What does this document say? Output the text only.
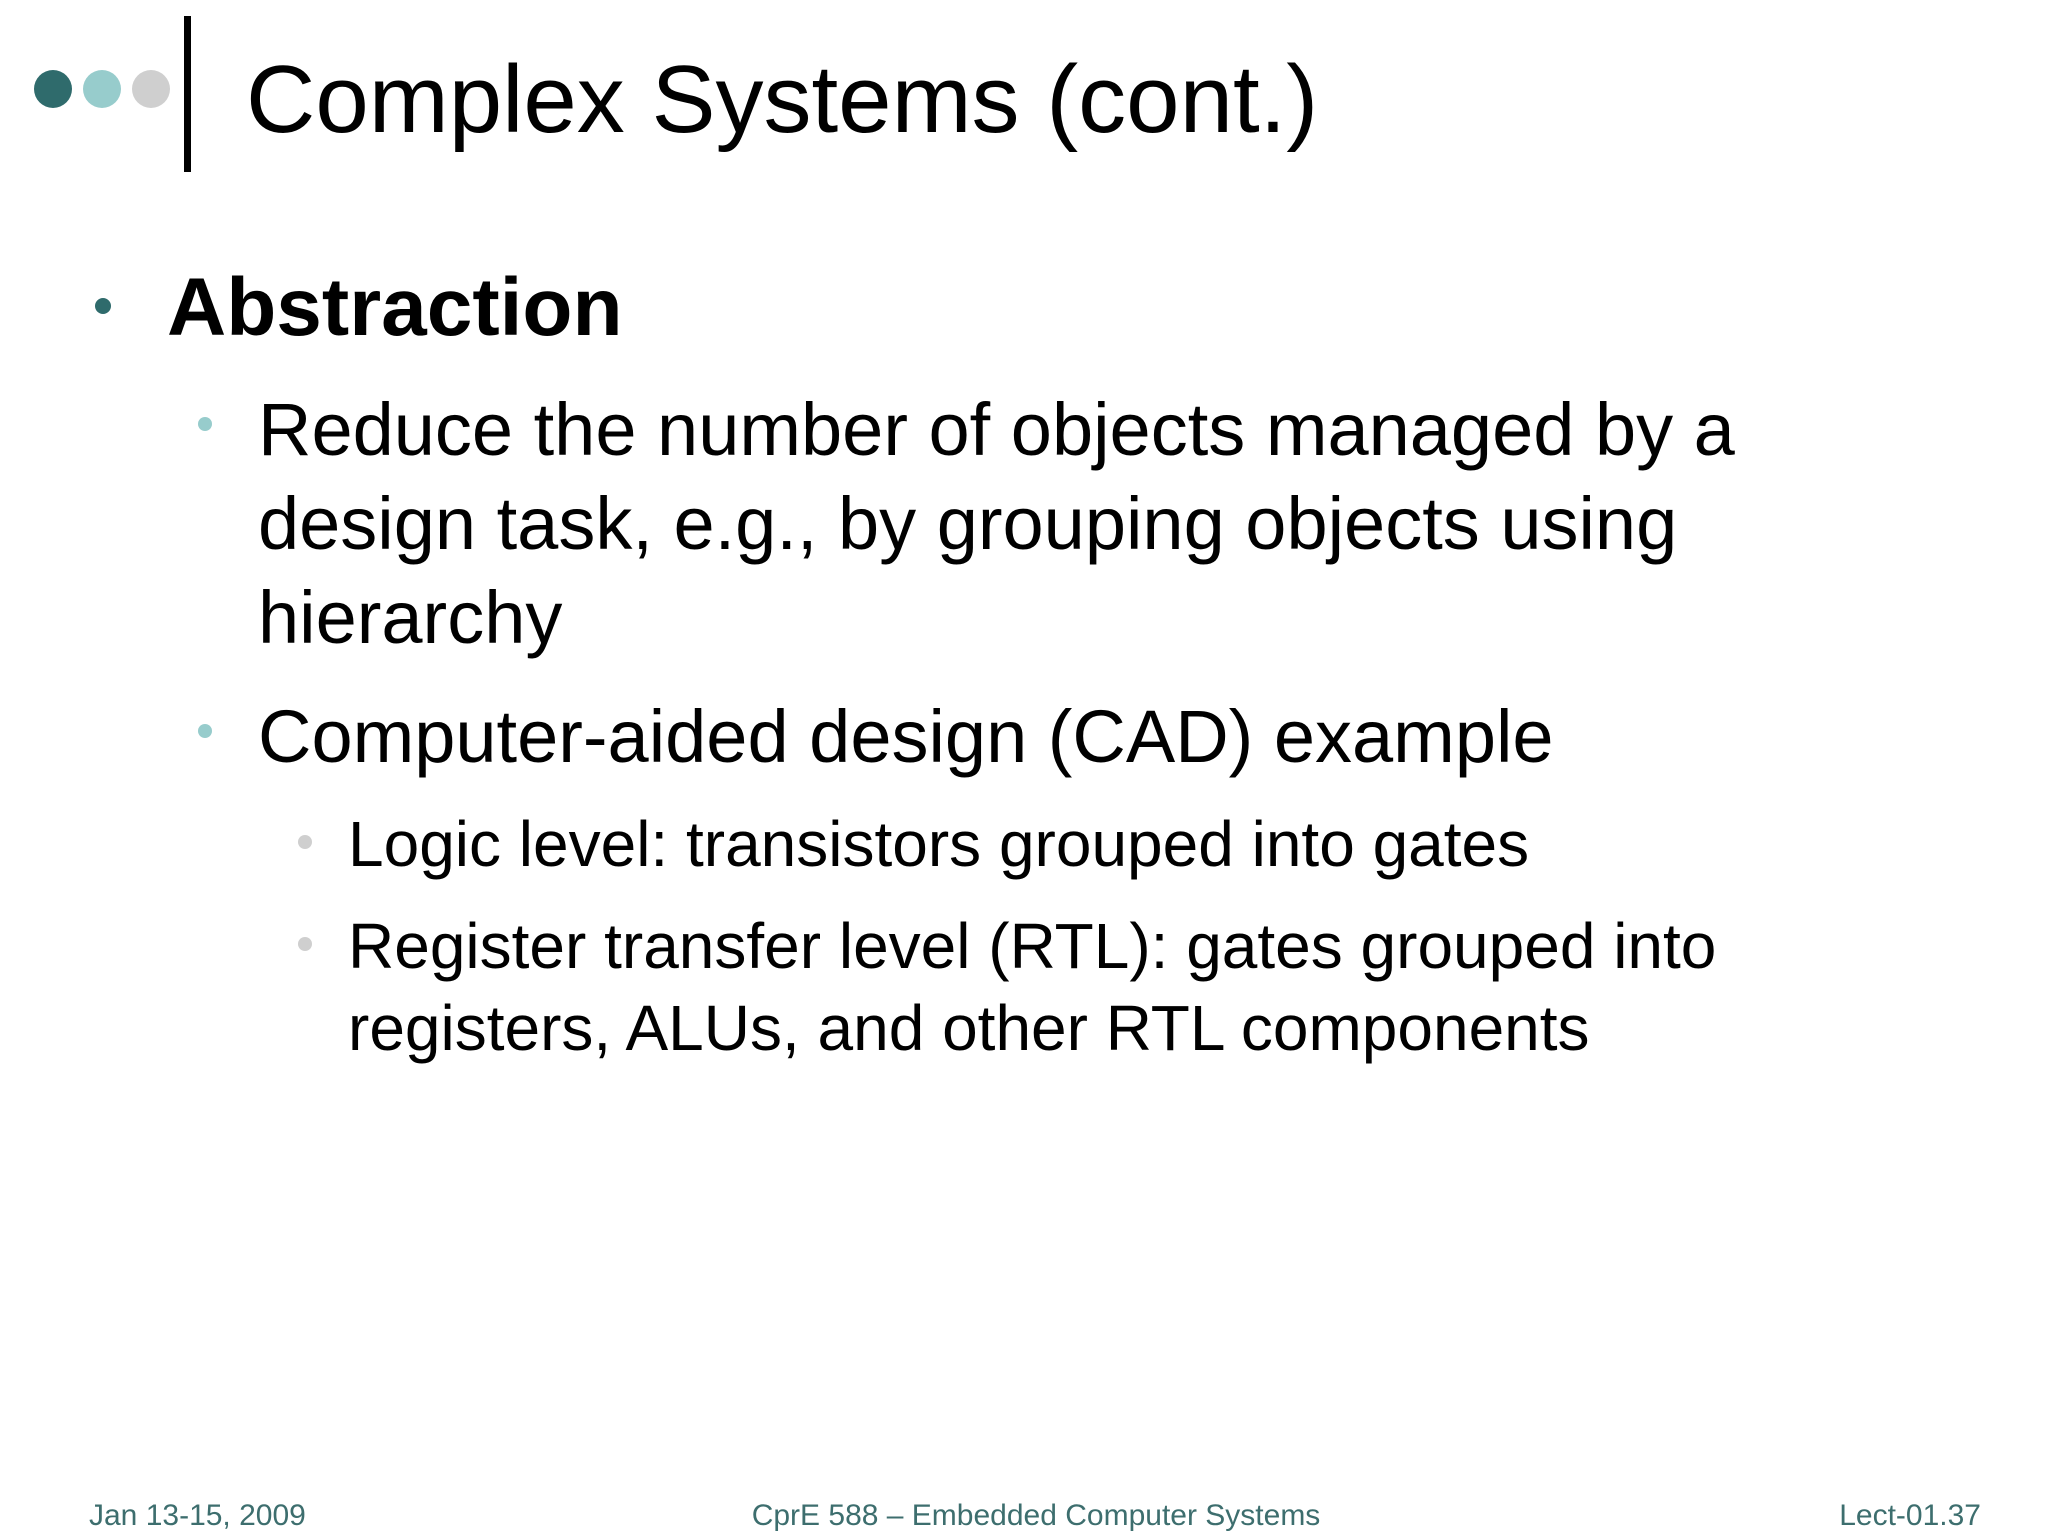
Complex Systems (cont.)
Abstraction
Reduce the number of objects managed by a design task, e.g., by grouping objects using hierarchy
Computer-aided design (CAD) example
Logic level: transistors grouped into gates
Register transfer level (RTL): gates grouped into registers, ALUs, and other RTL components
Jan 13-15, 2009	CprE 588 – Embedded Computer Systems	Lect-01.37
